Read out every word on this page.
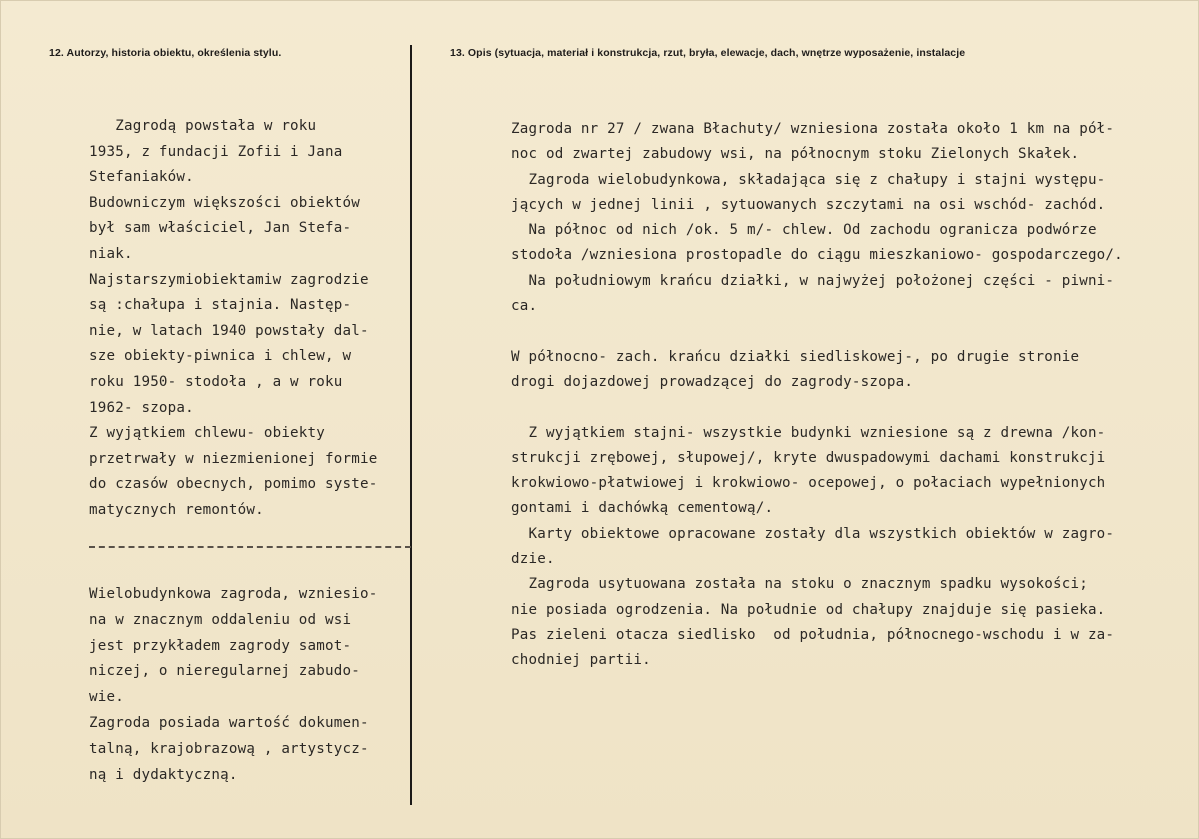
12. Autorzy, historia obiektu, określenia stylu.	13. Opis (sytuacja, materiał i konstrukcja, rzut, bryła, elewacje, dach, wnętrze wyposażenie, instalacje
Zagrodą powstała w roku
1935, z fundacji Zofii i Jana
Stefaniaków.
Budowniczym większości obiektów
był sam właściciel, Jan Stefa-
niak.
Najstarszymiobiektamiw zagrodzie
są :chałupa i stajnia. Następ-
nie, w latach 1940 powstały dal-
sze obiekty-piwnica i chlew, w
roku 1950- stodoła , a w roku
1962- szopa.
Z wyjątkiem chlewu- obiekty
przetrwały w niezmienionej formie
do czasów obecnych, pomimo syste-
matycznych remontów.
Wielobudynkowa zagroda, wzniesio-
na w znacznym oddaleniu od wsi
jest przykładem zagrody samot-
niczej, o nieregularnej zabudo-
wie.
Zagroda posiada wartość dokumen-
talną, krajobrazową , artystycz-
ną i dydaktyczną.
Zagroda nr 27 / zwana Błachuty/ wzniesiona została około 1 km na pół-
noc od zwartej zabudowy wsi, na północnym stoku Zielonych Skałek.
Zagroda wielobudynkowa, składająca się z chałupy i stajni występu-
jących w jednej linii , sytuowanych szczytami na osi wschód- zachód.
Na północ od nich /ok. 5 m/- chlew. Od zachodu ogranicza podwórze
stodoła /wzniesiona prostopadle do ciągu mieszkaniowo- gospodarczego/.
Na południowym krańcu działki, w najwyżej położonej części - piwni-
ca.
W północno- zach. krańcu działki siedliskowej-, po drugie stronie
drogi dojazdowej prowadzącej do zagrody-szopa.
Z wyjątkiem stajni- wszystkie budynki wzniesione są z drewna /kon-
strukcji zrębowej, słupowej/, kryte dwuspadowymi dachami konstrukcji
krokwiowo-płatwiowej i krokwiowo- ocepowej, o połaciach wypełnionych
gontami i dachówką cementową/.
Karty obiektowe opracowane zostały dla wszystkich obiektów w zagro-
dzie.
Zagroda usytuowana została na stoku o znacznym spadku wysokości;
nie posiada ogrodzenia. Na południe od chałupy znajduje się pasieka.
Pas zieleni otacza siedlisko  od południa, północnego-wschodu i w za-
chodniej partii.
